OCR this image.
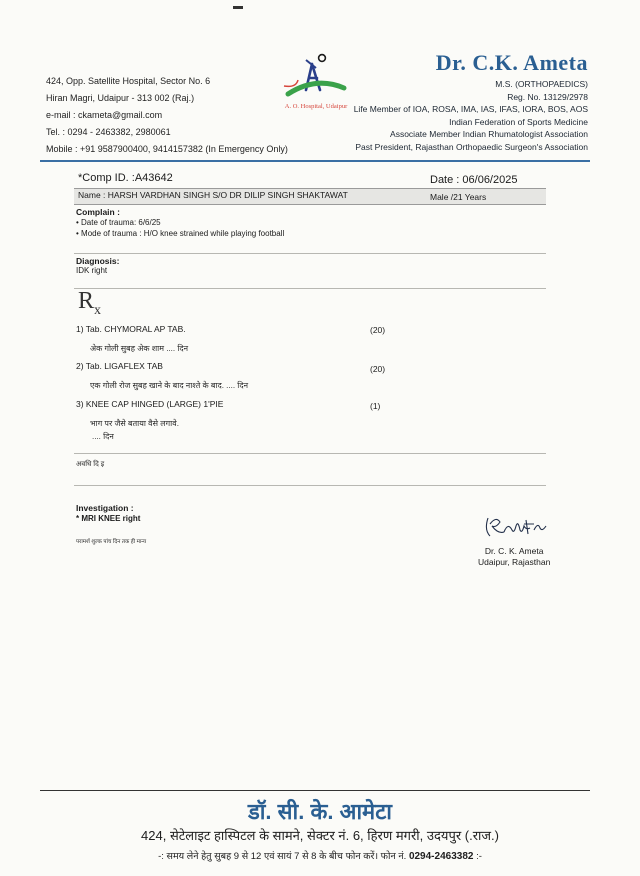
424, Opp. Satellite Hospital, Sector No. 6
Hiran Magri, Udaipur - 313 002 (Raj.)
e-mail : ckameta@gmail.com
Tel. : 0294 - 2463382, 2980061
Mobile : +91 9587900400, 9414157382 (In Emergency Only)
A. O. Hospital, Udaipur
Dr. C.K. Ameta
M.S. (ORTHOPAEDICS)
Reg. No. 13129/2978
Life Member of IOA, ROSA, IMA, IAS, IFAS, IORA, BOS, AOS
Indian Federation of Sports Medicine
Associate Member Indian Rhumatologist Association
Past President, Rajasthan Orthopaedic Surgeon's Association
*Comp ID. :A43642	Date : 06/06/2025
Name : HARSH VARDHAN SINGH S/O DR DILIP SINGH SHAKTAWAT	Male /21 Years
Complain :
• Date of trauma: 6/6/25
• Mode of trauma : H/O knee strained while playing football
Diagnosis:
IDK right
$R_x$
1) Tab. CHYMORAL AP TAB.	(20)
अेक गोली सुबह अेक शाम .... दिन
2) Tab. LIGAFLEX TAB	(20)
एक गोली रोज सुबह खाने के बाद नाश्ते के बाद. .... दिन
3) KNEE CAP HINGED (LARGE) 1'PIE	(1)
भाग पर जैसे बताया वैसे लगावे.
.... दिन
अवधि दि इ
Investigation :
* MRI KNEE right
परामर्श शुल्क पांच दिन तक ही मान्य
Dr. C. K. Ameta
Udaipur, Rajasthan
डॉ. सी. के. आमेटा
424, सेटेलाइट हास्पिटल के सामने, सेक्टर नं. 6, हिरण मगरी, उदयपुर (.राज.)
-: समय लेने हेतु सुबह 9 से 12 एवं सायं 7 से 8 के बीच फोन करें। फोन नं. 0294-2463382 :-
